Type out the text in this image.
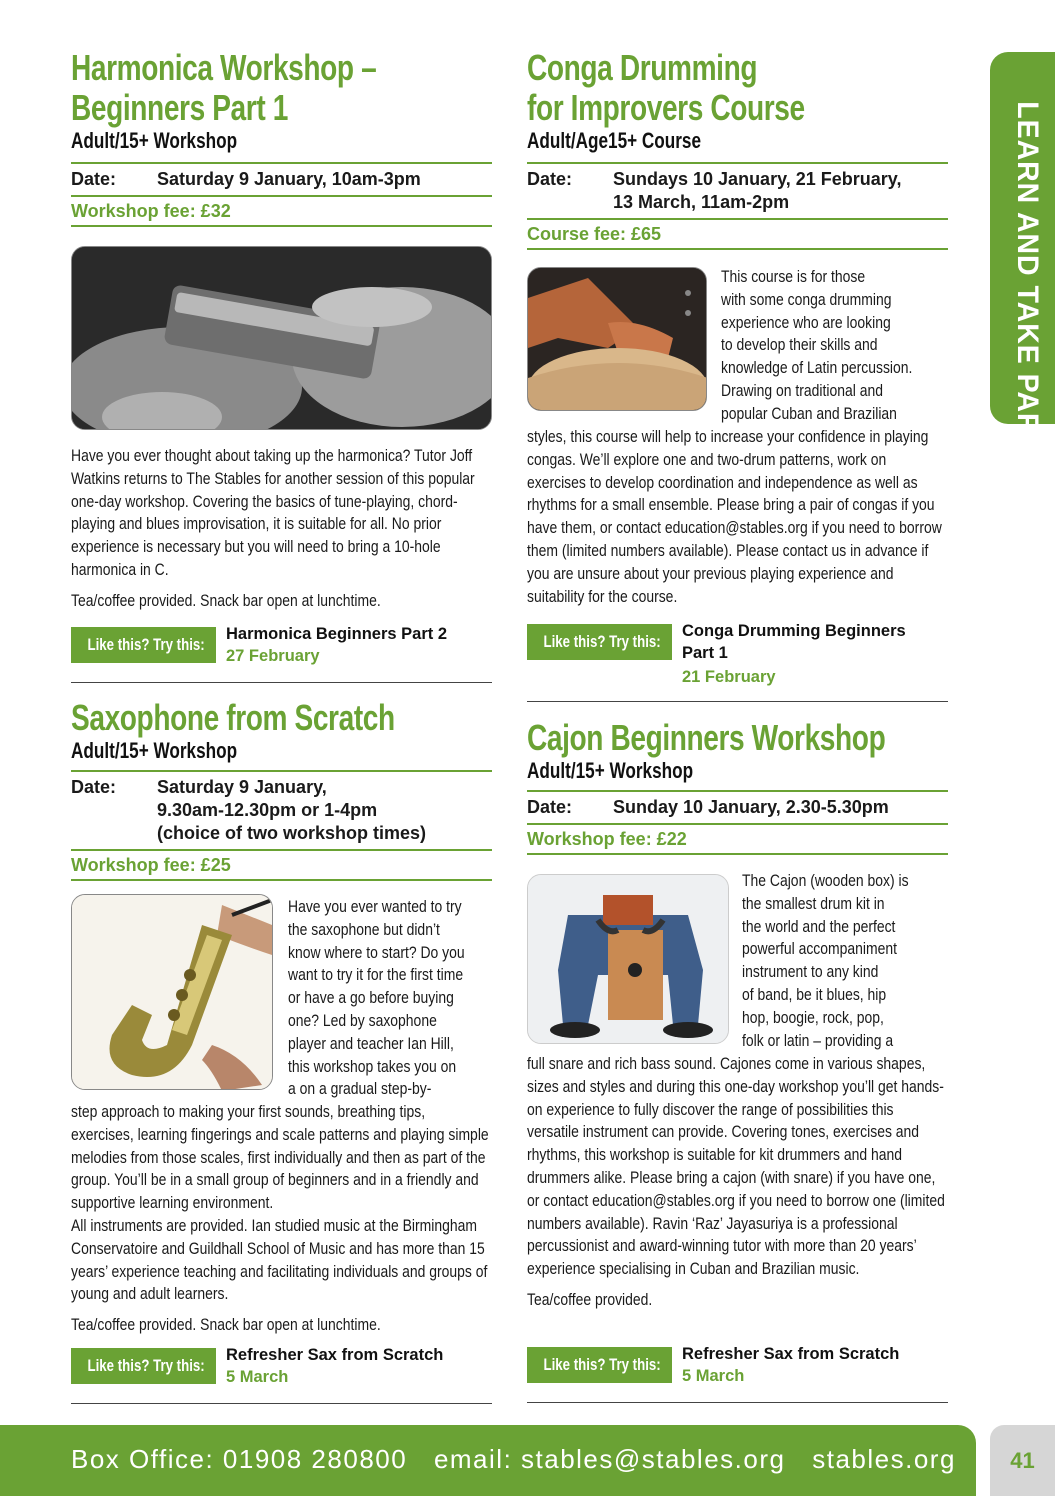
Harmonica Workshop –
Beginners Part 1
Adult/15+ Workshop
Date:	Saturday 9 January, 10am-3pm
Workshop fee: £32

Have you ever thought about taking up the harmonica? Tutor Joff Watkins returns to The Stables for another session of this popular one-day workshop. Covering the basics of tune-playing, chord-playing and blues improvisation, it is suitable for all. No prior experience is necessary but you will need to bring a 10-hole harmonica in C.

Tea/coffee provided. Snack bar open at lunchtime.

Like this? Try this:
Harmonica Beginners Part 2
27 February
Saxophone from Scratch
Adult/15+ Workshop
Date:	Saturday 9 January,
9.30am-12.30pm or 1-4pm
(choice of two workshop times)
Workshop fee: £25

Have you ever wanted to try

the saxophone but didn’t

know where to start? Do you

want to try it for the first time

or have a go before buying

one? Led by saxophone

player and teacher Ian Hill,

this workshop takes you on

a on a gradual step-by-

step approach to making your first sounds, breathing tips, exercises, learning fingerings and scale patterns and playing simple melodies from those scales, first individually and then as part of the group. You’ll be in a small group of beginners and in a friendly and supportive learning environment.

All instruments are provided. Ian studied music at the Birmingham Conservatoire and Guildhall School of Music and has more than 15 years’ experience teaching and facilitating individuals and groups of young and adult learners.

Tea/coffee provided. Snack bar open at lunchtime.

Like this? Try this:
Refresher Sax from Scratch
5 March
Conga Drumming
for Improvers Course
Adult/Age15+ Course
Date:	Sundays 10 January, 21 February,
13 March, 11am-2pm
Course fee: £65

This course is for those

with some conga drumming

experience who are looking

to develop their skills and

knowledge of Latin percussion.

Drawing on traditional and

popular Cuban and Brazilian

styles, this course will help to increase your confidence in playing congas. We’ll explore one and two-drum patterns, work on exercises to develop coordination and independence as well as rhythms for a small ensemble. Please bring a pair of congas if you have them, or contact education@stables.org if you need to borrow them (limited numbers available). Please contact us in advance if you are unsure about your previous playing experience and suitability for the course.

Like this? Try this:
Conga Drumming Beginners
Part 1
21 February
Cajon Beginners Workshop
Adult/15+ Workshop
Date:	Sunday 10 January, 2.30-5.30pm
Workshop fee: £22

The Cajon (wooden box) is

the smallest drum kit in

the world and the perfect

powerful accompaniment

instrument to any kind

of band, be it blues, hip

hop, boogie, rock, pop,

folk or latin – providing a

full snare and rich bass sound. Cajones come in various shapes, sizes and styles and during this one-day workshop you’ll get hands-on experience to fully discover the range of possibilities this versatile instrument can provide. Covering tones, exercises and rhythms, this workshop is suitable for kit drummers and hand drummers alike. Please bring a cajon (with snare) if you have one, or contact education@stables.org if you need to borrow one (limited numbers available). Ravin ‘Raz’ Jayasuriya is a professional percussionist and award-winning tutor with more than 20 years’ experience specialising in Cuban and Brazilian music.

Tea/coffee provided.

Like this? Try this:
Refresher Sax from Scratch
5 March
LEARN AND TAKE PART
Box Office: 01908 280800 email: stables@stables.org stables.org	41
